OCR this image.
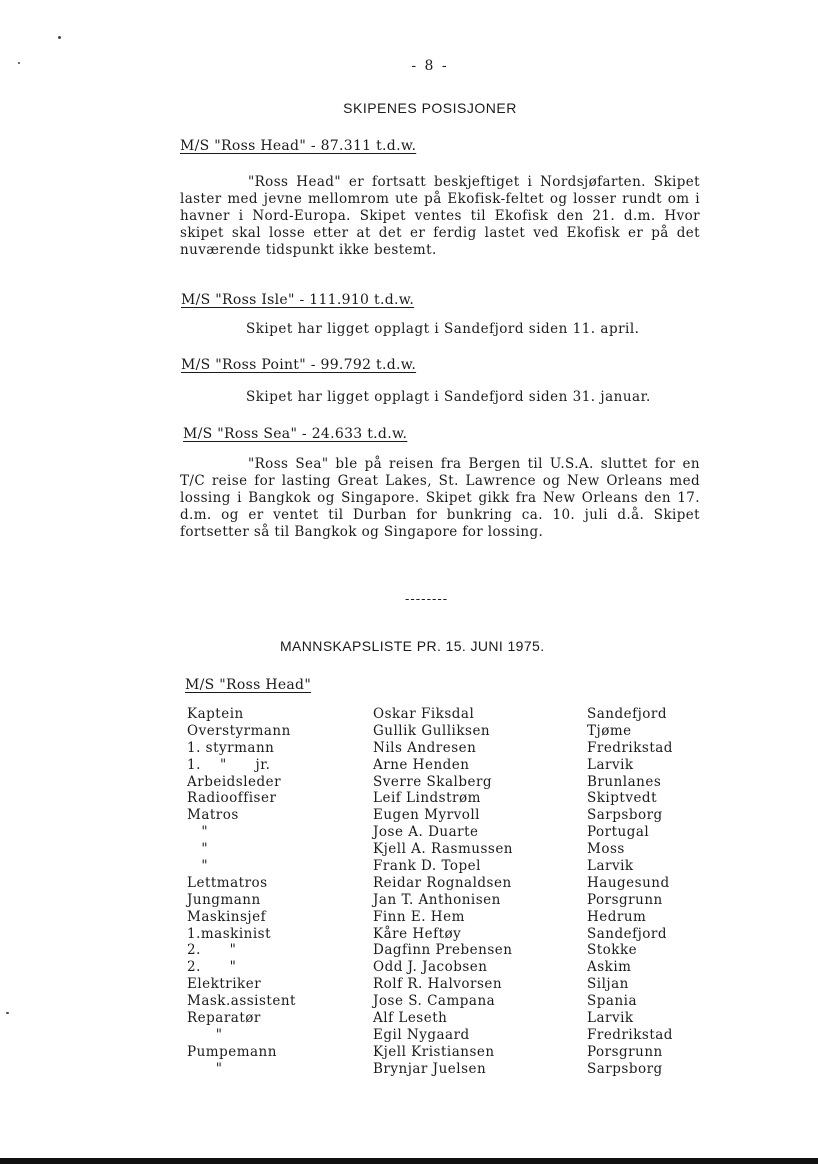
- 8 -
SKIPENES POSISJONER
M/S "Ross Head" - 87.311 t.d.w.
"Ross Head" er fortsatt beskjeftiget i Nordsjøfarten. Skipet laster med jevne mellomrom ute på Ekofisk-feltet og losser rundt om i havner i Nord-Europa. Skipet ventes til Ekofisk den 21. d.m. Hvor skipet skal losse etter at det er ferdig lastet ved Ekofisk er på det nuværende tidspunkt ikke bestemt.
M/S "Ross Isle" - 111.910 t.d.w.
Skipet har ligget opplagt i Sandefjord siden 11. april.
M/S "Ross Point" - 99.792 t.d.w.
Skipet har ligget opplagt i Sandefjord siden 31. januar.
M/S "Ross Sea" - 24.633 t.d.w.
"Ross Sea" ble på reisen fra Bergen til U.S.A. sluttet for en T/C reise for lasting Great Lakes, St. Lawrence og New Orleans med lossing i Bangkok og Singapore. Skipet gikk fra New Orleans den 17. d.m. og er ventet til Durban for bunkring ca. 10. juli d.å. Skipet fortsetter så til Bangkok og Singapore for lossing.
--------
MANNSKAPSLISTE PR. 15. JUNI 1975.
M/S "Ross Head"
Kaptein
Overstyrmann
1. styrmann
1.    "      jr.
Arbeidsleder
Radiooffiser
Matros
"
"
"
Lettmatros
Jungmann
Maskinsjef
1.maskinist
2.      "
2.      "
Elektriker
Mask.assistent
Reparatør
"
Pumpemann
"
Oskar Fiksdal
Gullik Gulliksen
Nils Andresen
Arne Henden
Sverre Skalberg
Leif Lindstrøm
Eugen Myrvoll
Jose A. Duarte
Kjell A. Rasmussen
Frank D. Topel
Reidar Rognaldsen
Jan T. Anthonisen
Finn E. Hem
Kåre Heftøy
Dagfinn Prebensen
Odd J. Jacobsen
Rolf R. Halvorsen
Jose S. Campana
Alf Leseth
Egil Nygaard
Kjell Kristiansen
Brynjar Juelsen
Sandefjord
Tjøme
Fredrikstad
Larvik
Brunlanes
Skiptvedt
Sarpsborg
Portugal
Moss
Larvik
Haugesund
Porsgrunn
Hedrum
Sandefjord
Stokke
Askim
Siljan
Spania
Larvik
Fredrikstad
Porsgrunn
Sarpsborg
